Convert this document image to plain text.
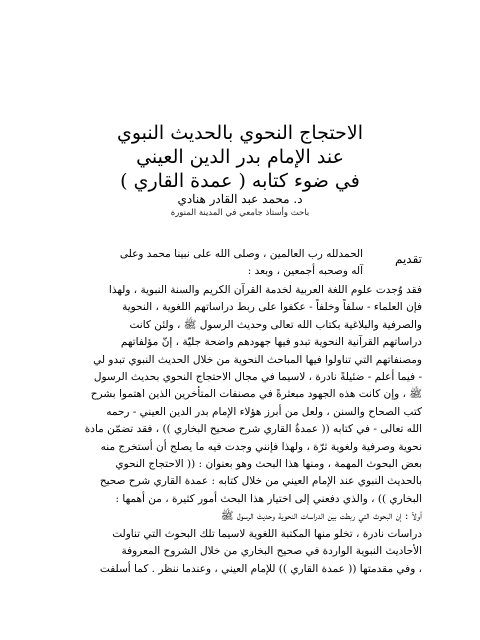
الاحتجاج النحوي بالحديث النبوي
عند الإمام بدر الدين العيني
في ضوء كتابه ( عمدة القاري )
د. محمد عبد القادر هنادي
باحث وأستاذ جامعي في المدينة المنورة
تقديم
الحمدلله رب العالمين ، وصلى الله على نبينا محمد وعلى
آله وصحبه أجمعين ، وبعد :
فقد وُجدت علوم اللغة العربية لخدمة القرآن الكريم والسنة النبوية ، ولهذا
فإن العلماء - سلفاً وخلفاً - عكفوا على ربط دراساتهم اللغوية ، النحوية
والصرفية والبلاغية بكتاب الله تعالى وحديث الرسول ﷺ ، ولئن كانت
دراساتهم القرآنية النحوية تبدو فيها جهودهم واضحة جليّة ، إنّ مؤلفاتهم
ومصنفاتهم التي تناولوا فيها المباحث النحوية من خلال الحديث النبوي تبدو لي
- فيما أعلم - ضئيلةً نادرة ، لاسيما في مجال الاحتجاج النحوي بحديث الرسول
ﷺ ، وإن كانت هذه الجهود مبعثرةً في مصنفات المتأخرين الذين اهتموا بشرح
كتب الصحاح والسنن ، ولعل من أبرز هؤلاء الإمام بدر الدين العيني - رحمه
الله تعالى - في كتابه (( عمدةُ القاري شرح صحيح البخاري )) ، فقد تضمّن مادة
نحوية وصرفية ولغوية ثرّة ، ولهذا فإنني وجدت فيه ما يصلح أن أستخرج منه
بعض البحوث المهمة ، ومنها هذا البحث وهو بعنوان : (( الاحتجاج النحوي
بالحديث النبوي عند الإمام العيني من خلال كتابه : عمدة القاري شرح صحيح
البخاري )) ، والذي دفعني إلى اختيار هذا البحث أمور كثيرة ، من أهمها :
أولاً : إن البحوث التي ربطت بين الدراسات النحوية وحديث الرسول ﷺ
دراسات نادرة ، تخلو منها المكتبة اللغوية لاسيما تلك البحوث التي تناولت
الأحاديث النبوية الواردة في صحيح البخاري من خلال الشروح المعروفة
، وفي مقدمتها (( عمدة القاري )) للإمام العيني ، وعندما ننظر . كما أسلفت
